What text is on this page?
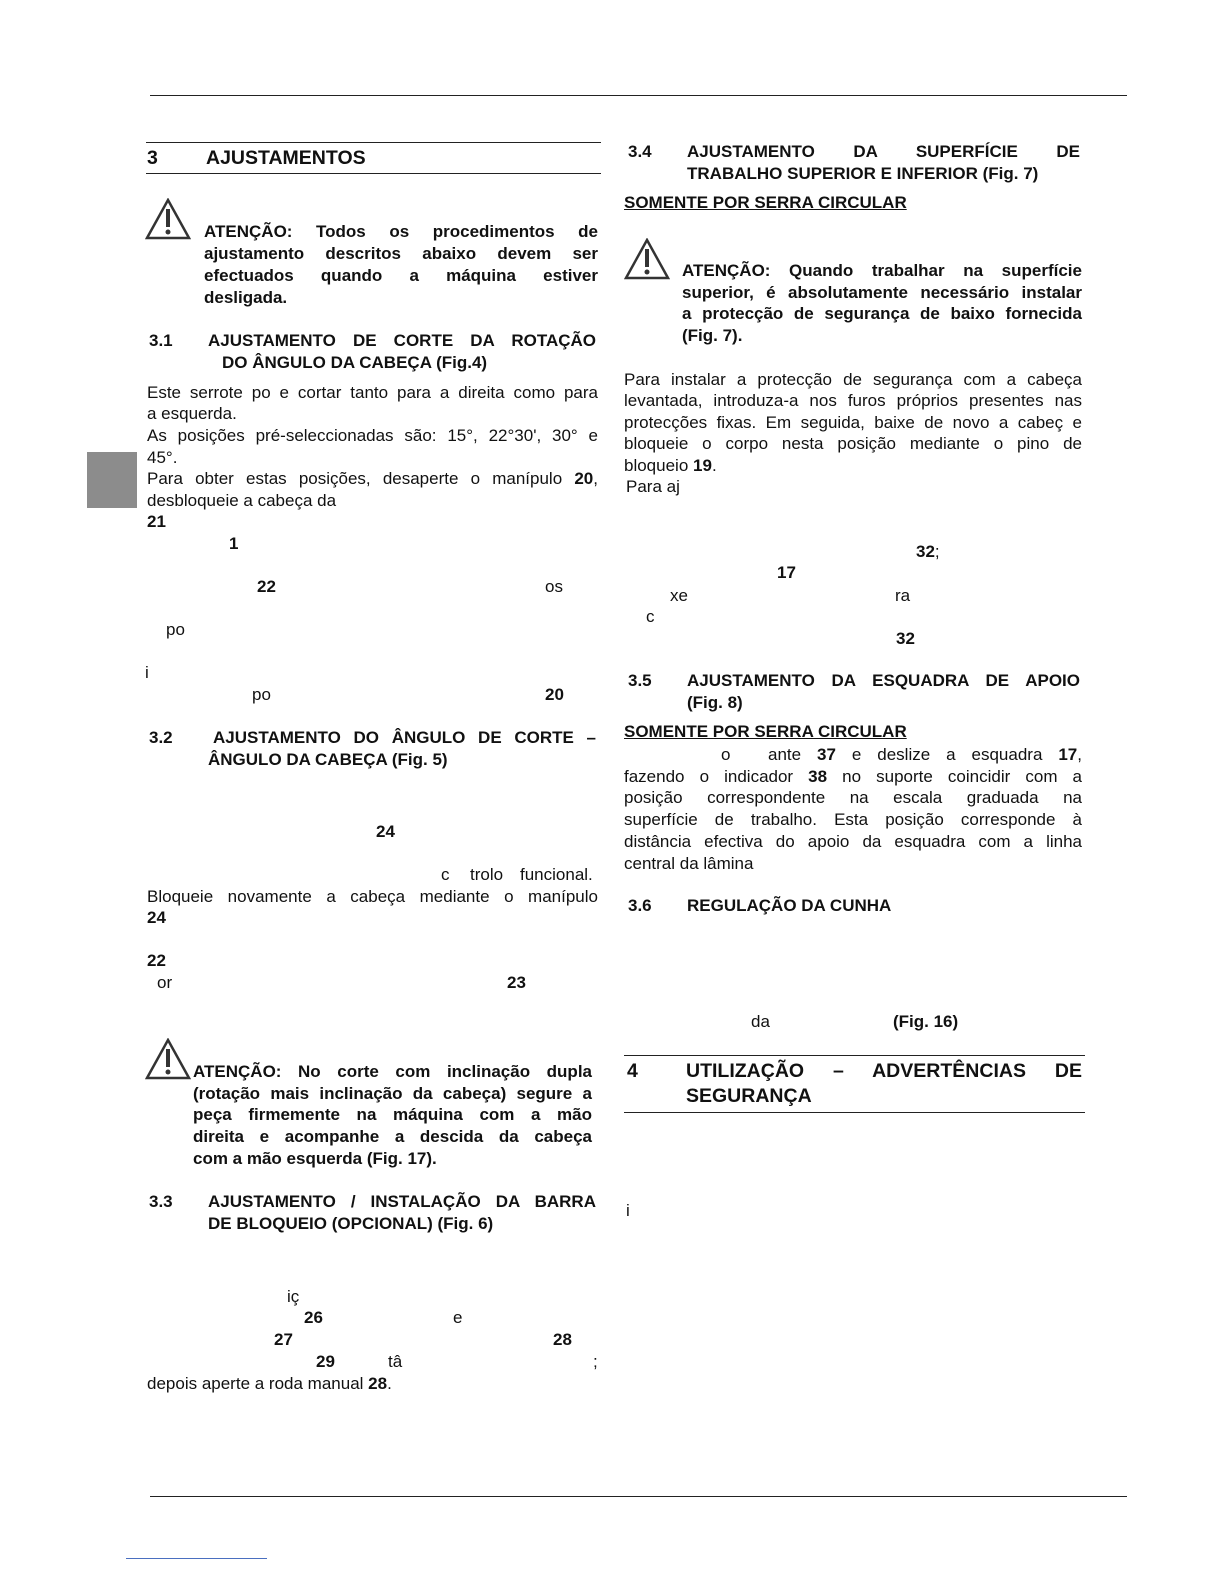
3 AJUSTAMENTOS
ATENÇÃO: Todos os procedimentos de
ajustamento descritos abaixo devem ser
efectuados quando a máquina estiver
desligada.
3.1 AJUSTAMENTO DE CORTE DA ROTAÇÃO
DO ÂNGULO DA CABEÇA (Fig.4)
Este serrote po e cortar tanto para a direita como para
a esquerda.
As posições pré-seleccionadas são: 15°, 22°30', 30° e
45°.
Para obter estas posições, desaperte o manípulo 20,
desbloqueie a cabeça da
21
1
22	os
po
i
po	20
3.2 AJUSTAMENTO DO ÂNGULO DE CORTE –
ÂNGULO DA CABEÇA (Fig. 5)
24
c trolo funcional.
Bloqueie novamente a cabeça mediante o manípulo
24
22
or	23
ATENÇÃO: No corte com inclinação dupla
(rotação mais inclinação da cabeça) segure a
peça firmemente na máquina com a mão
direita e acompanhe a descida da cabeça
com a mão esquerda (Fig. 17).
3.3 AJUSTAMENTO / INSTALAÇÃO DA BARRA
DE BLOQUEIO (OPCIONAL) (Fig. 6)
iç
26	e
27	28
29	tâ	;
depois aperte a roda manual 28.
3.4 AJUSTAMENTO DA SUPERFÍCIE DE
TRABALHO SUPERIOR E INFERIOR (Fig. 7)
SOMENTE POR SERRA CIRCULAR
ATENÇÃO: Quando trabalhar na superfície
superior, é absolutamente necessário instalar
a protecção de segurança de baixo fornecida
(Fig. 7).
Para instalar a protecção de segurança com a cabeça
levantada, introduza-a nos furos próprios presentes nas
protecções fixas. Em seguida, baixe de novo a cabeç e
bloqueie o corpo nesta posição mediante o pino de
bloqueio 19.
Para aj
32;
17
xe	ra
c
32
3.5 AJUSTAMENTO DA ESQUADRA DE APOIO
(Fig. 8)
SOMENTE POR SERRA CIRCULAR
o ante 37 e deslize a esquadra 17,
fazendo o indicador 38 no suporte coincidir com a
posição correspondente na escala graduada na
superfície de trabalho. Esta posição corresponde à
distância efectiva do apoio da esquadra com a linha
central da lâmina
3.6 REGULAÇÃO DA CUNHA
da	(Fig. 16)
4 UTILIZAÇÃO – ADVERTÊNCIAS DE
SEGURANÇA
i
